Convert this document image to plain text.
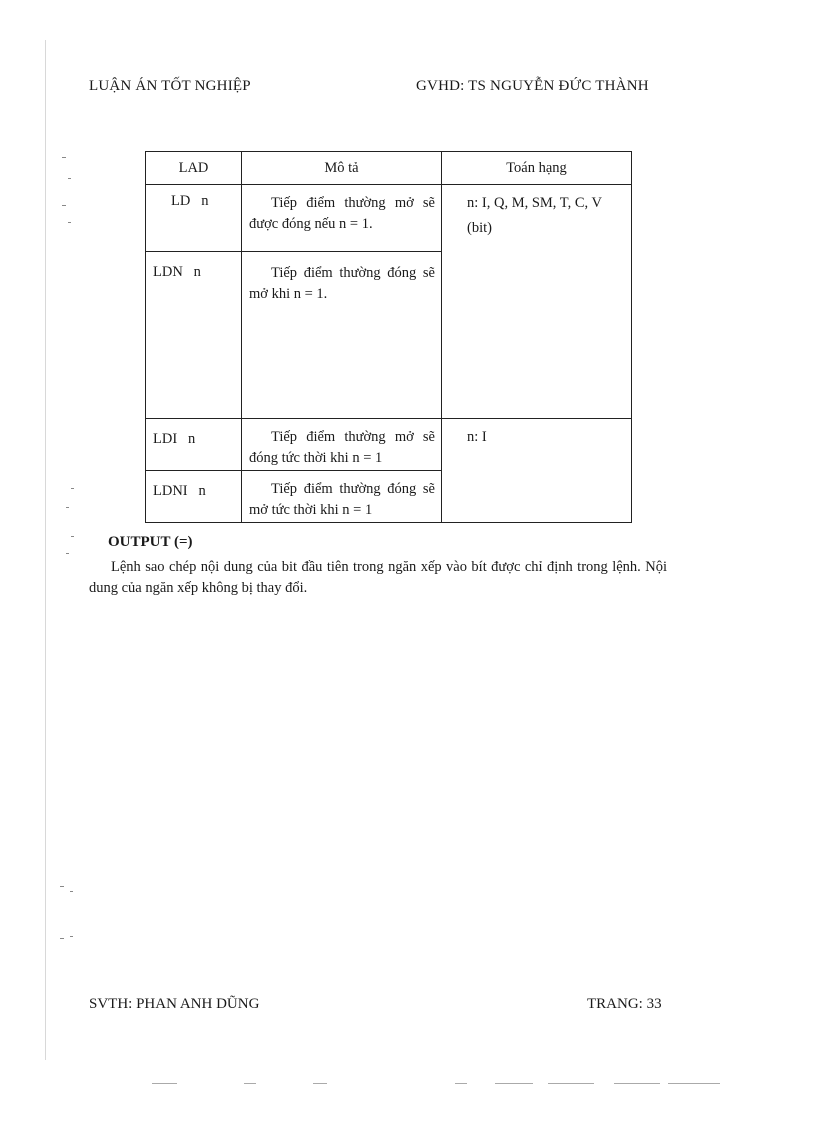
LUẬN ÁN TỐT NGHIỆP	GVHD: TS NGUYỄN ĐỨC THÀNH
LAD	Mô tả	Toán hạng
LD   n	Tiếp điểm thường mở sẽ được đóng nếu n = 1.	n: I, Q, M, SM, T, C, V
(bit)

LDN   n	Tiếp điểm thường đóng sẽ mở khi n = 1.	
LDI   n	Tiếp điểm thường mở sẽ đóng tức thời khi n = 1	n: I

LDNI   n	Tiếp điểm thường đóng sẽ mở tức thời khi n = 1	
OUTPUT (=)
Lệnh sao chép nội dung của bit đầu tiên trong ngăn xếp vào bít được chỉ định trong lệnh. Nội dung của ngăn xếp không bị thay đổi.
SVTH: PHAN ANH DŨNG	TRANG: 33
